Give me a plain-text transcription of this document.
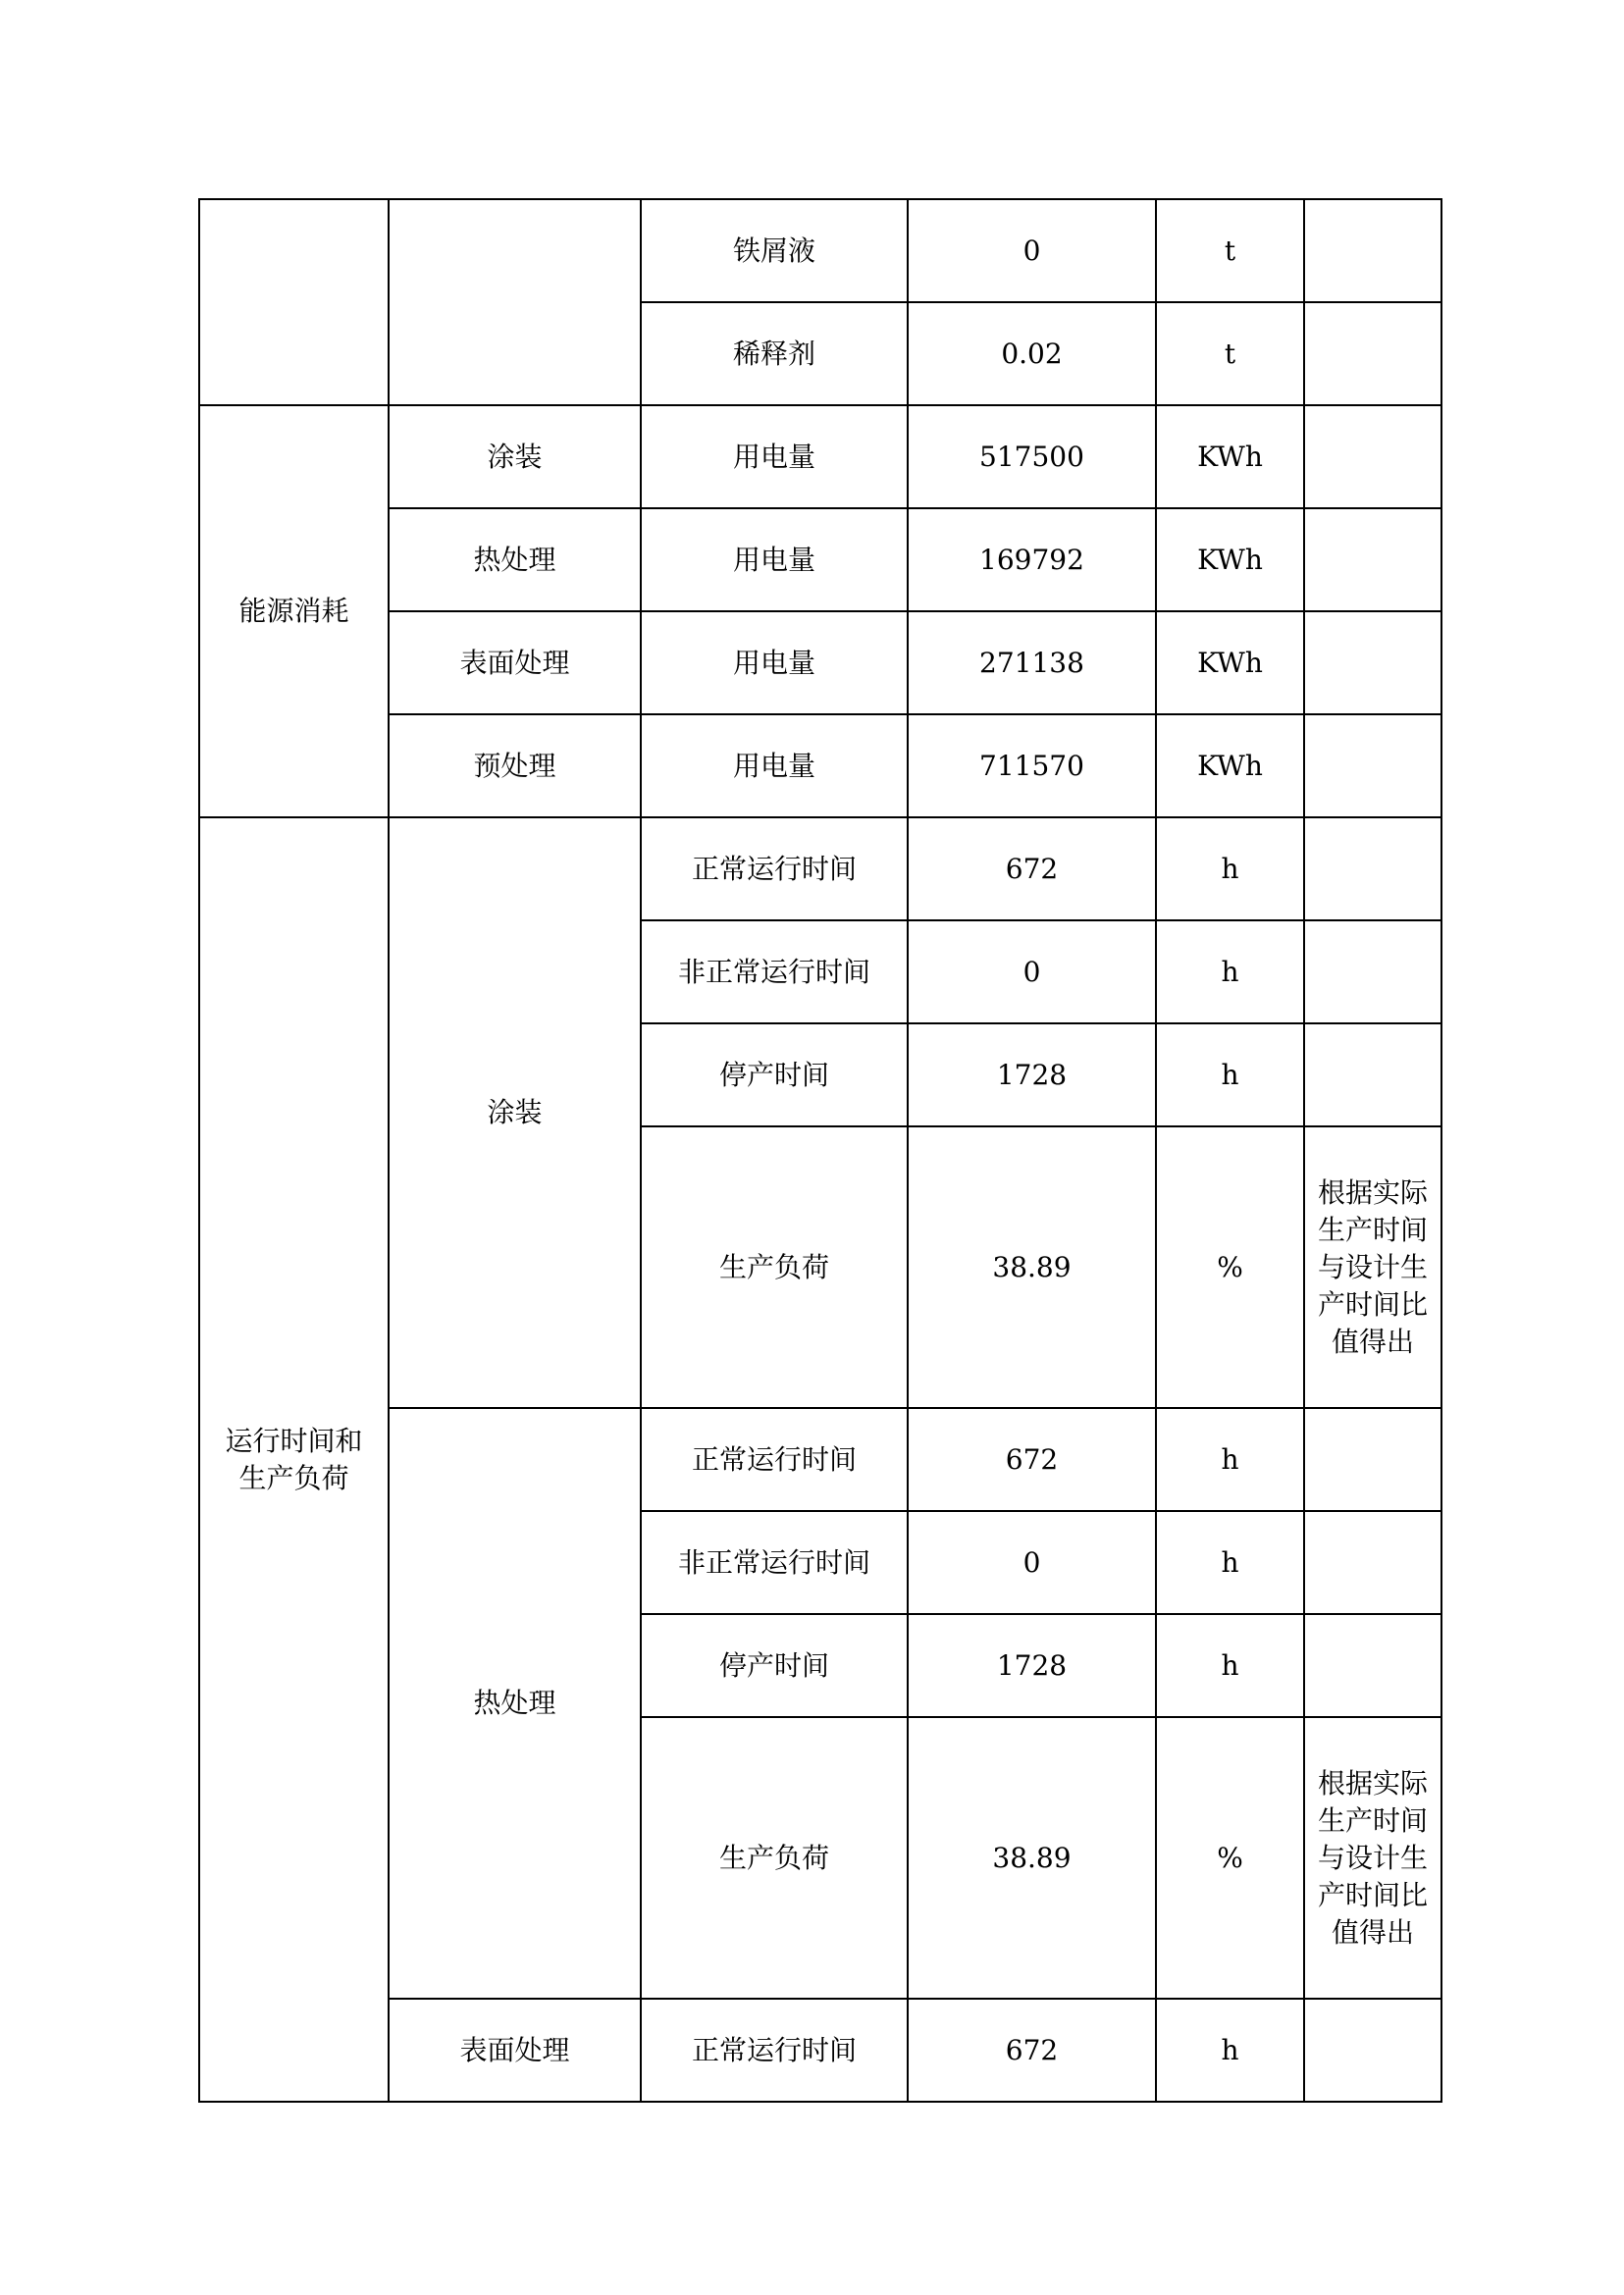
		铁屑液	0	t	
		稀释剂	0.02	t	
能源消耗	涂装	用电量	517500	KWh	
	热处理	用电量	169792	KWh	
	表面处理	用电量	271138	KWh	
	预处理	用电量	711570	KWh	

运行时间和
生产负荷	涂装	正常运行时间	672	h	
		非正常运行时间	0	h	
		停产时间	1728	h	
		生产负荷	38.89	%	根据实际生产时间与设计生产时间比值得出
	热处理	正常运行时间	672	h	
		非正常运行时间	0	h	
		停产时间	1728	h	
		生产负荷	38.89	%	根据实际生产时间与设计生产时间比值得出
	表面处理	正常运行时间	672	h	
